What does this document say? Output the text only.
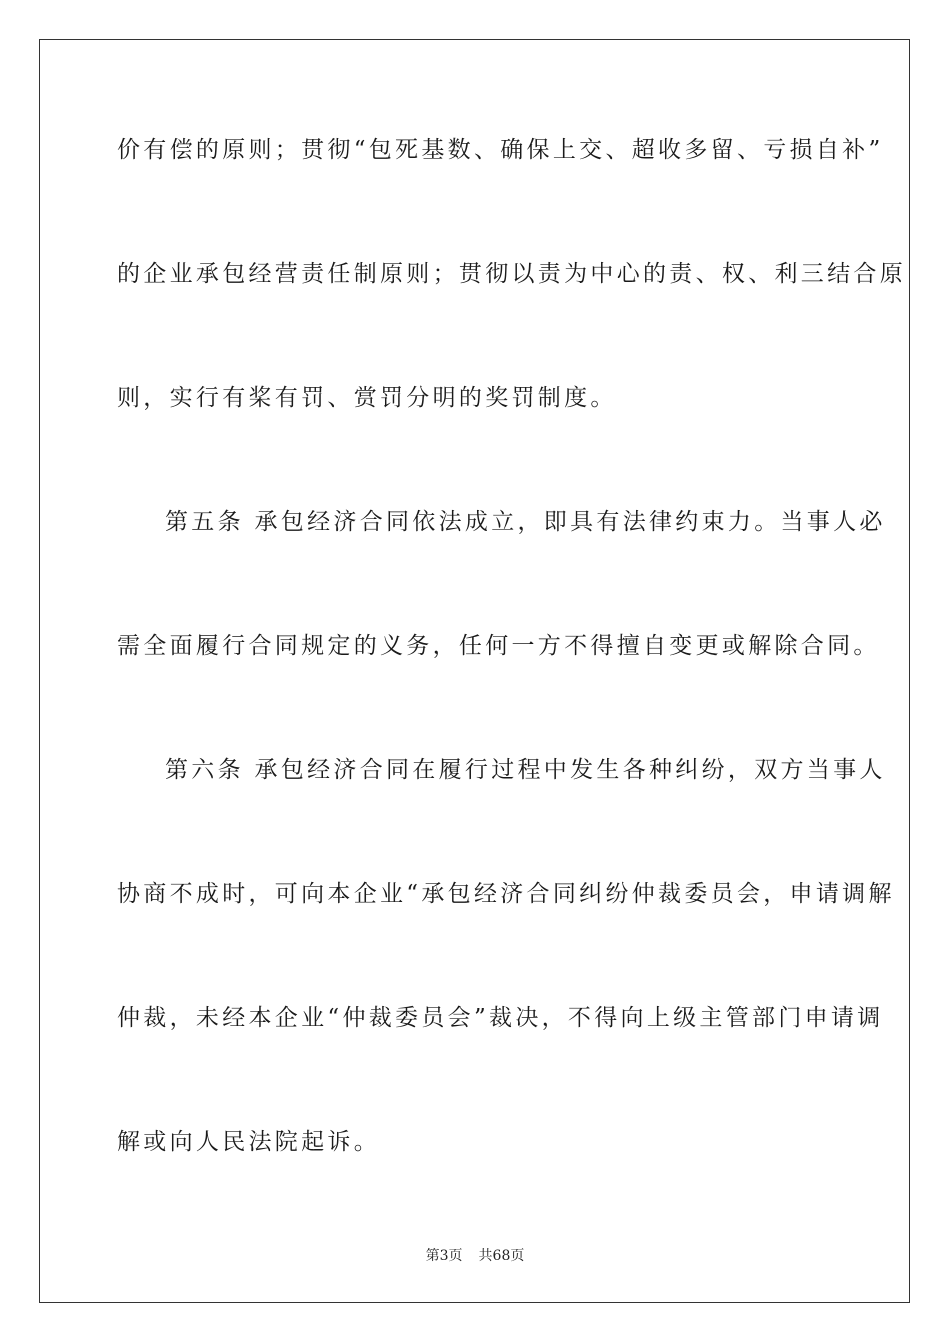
价有偿的原则；贯彻“包死基数、确保上交、超收多留、亏损自补”
的企业承包经营责任制原则；贯彻以责为中心的责、权、利三结合原
则，实行有桨有罚、赏罚分明的奖罚制度。
第五条 承包经济合同依法成立，即具有法律约束力。当事人必
需全面履行合同规定的义务，任何一方不得擅自变更或解除合同。
第六条 承包经济合同在履行过程中发生各种纠纷，双方当事人
协商不成时，可向本企业“承包经济合同纠纷仲裁委员会，申请调解
仲裁，未经本企业“仲裁委员会”裁决，不得向上级主管部门申请调
解或向人民法院起诉。
第3页 共68页
